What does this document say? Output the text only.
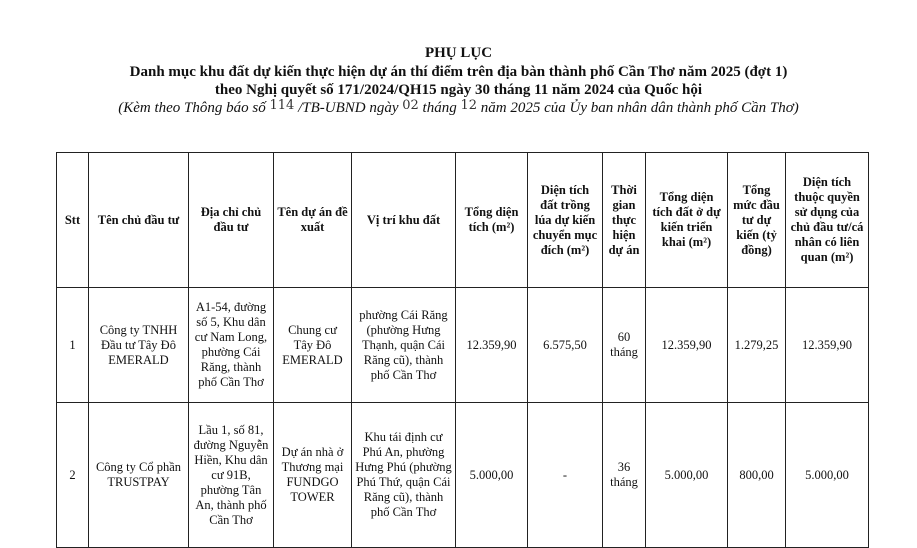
PHỤ LỤC
Danh mục khu đất dự kiến thực hiện dự án thí điểm trên địa bàn thành phố Cần Thơ năm 2025 (đợt 1)
theo Nghị quyết số 171/2024/QH15 ngày 30 tháng 11 năm 2024 của Quốc hội
(Kèm theo Thông báo số 114 /TB-UBND ngày 02 tháng 12 năm 2025 của Ủy ban nhân dân thành phố Cần Thơ)
Stt	Tên chủ đầu tư	Địa chỉ chủ đầu tư	Tên dự án đề xuất	Vị trí khu đất	Tổng diện tích (m²)	Diện tích đất trồng lúa dự kiến chuyển mục đích (m²)	Thời gian thực hiện dự án	Tổng diện tích đất ở dự kiến triển khai (m²)	Tổng mức đầu tư dự kiến (tỷ đồng)	Diện tích thuộc quyền sử dụng của chủ đầu tư/cá nhân có liên quan (m²)
1	Công ty TNHH Đầu tư Tây Đô EMERALD	A1-54, đường số 5, Khu dân cư Nam Long, phường Cái Răng, thành phố Cần Thơ	Chung cư Tây Đô EMERALD	phường Cái Răng (phường Hưng Thạnh, quận Cái Răng cũ), thành phố Cần Thơ	12.359,90	6.575,50	60 tháng	12.359,90	1.279,25	12.359,90
2	Công ty Cổ phần TRUSTPAY	Lầu 1, số 81, đường Nguyễn Hiền, Khu dân cư 91B, phường Tân An, thành phố Cần Thơ	Dự án nhà ở Thương mại FUNDGO TOWER	Khu tái định cư Phú An, phường Hưng Phú (phường Phú Thứ, quận Cái Răng cũ), thành phố Cần Thơ	5.000,00	-	36 tháng	5.000,00	800,00	5.000,00
